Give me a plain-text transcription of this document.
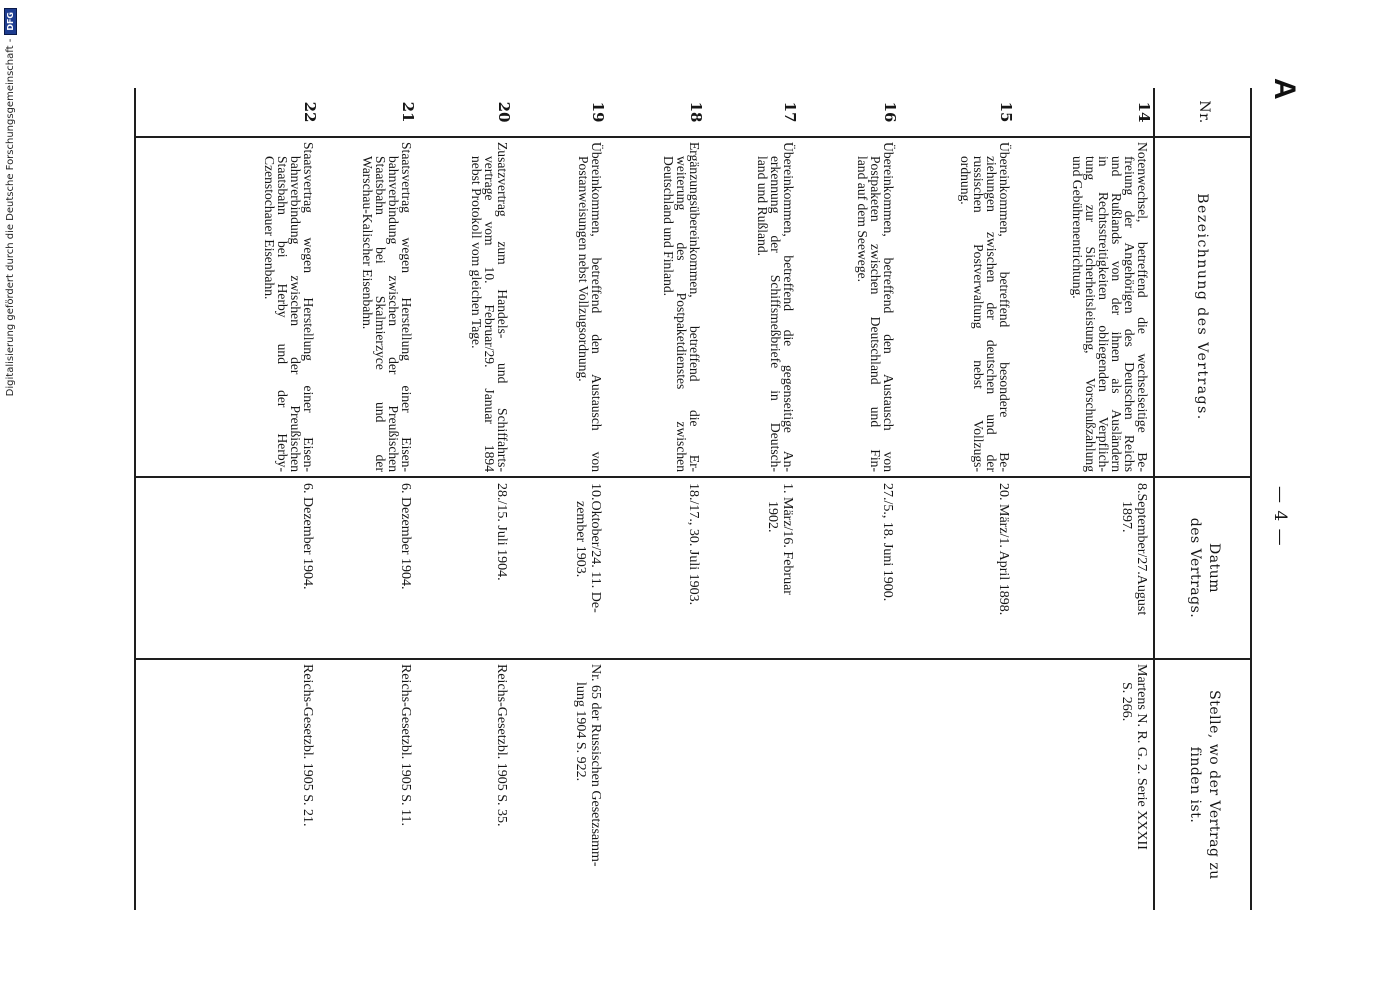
A
— 4 —
Nr.
Bezeichnung des Vertrags.
Datum
des Vertrags.
Stelle, wo der Vertrag zu
finden ist.
14
Notenwechsel, betreffend die wechselseitige Be-
freiung der Angehörigen des Deutschen Reichs
und Rußlands von der ihnen als Ausländern
in Rechtsstreitigkeiten obliegenden Verpflich-
tung zur Sicherheitsleistung, Vorschußzahlung
und Gebührenentrichtung.
8.September/27.August
1897.
Martens N. R. G. 2. Serie XXXII
S. 266.
15
Übereinkommen, betreffend besondere Be-
ziehungen zwischen der deutschen und der
russischen Postverwaltung nebst Vollzugs-
ordnung.
20. März/1. April 1898.
16
Übereinkommen, betreffend den Austausch von
Postpaketen zwischen Deutschland und Fin-
land auf dem Seewege.
27./5., 18. Juni 1900.
17
Übereinkommen, betreffend die gegenseitige An-
erkennung der Schiffsmeßbriefe in Deutsch-
land und Rußland.
1. März/16. Februar
1902.
18
Ergänzungsübereinkommen, betreffend die Er-
weiterung des Postpaketdienstes zwischen
Deutschland und Finland.
18./17., 30. Juli 1903.
19
Übereinkommen, betreffend den Austausch von
Postanweisungen nebst Vollzugsordnung.
10.Oktober/24. 11. De-
zember 1903.
Nr. 65 der Russischen Gesetzsamm-
lung 1904 S. 922.
20
Zusatzvertrag zum Handels- und Schiffahrts-
vertrage vom 10. Februar/29. Januar 1894
nebst Protokoll vom gleichen Tage.
28./15. Juli 1904.
Reichs-Gesetzbl. 1905 S. 35.
21
Staatsvertrag wegen Herstellung einer Eisen-
bahnverbindung zwischen der Preußischen
Staatsbahn bei Skalmierzyce und der
Warschau-Kalischer Eisenbahn.
6. Dezember 1904.
Reichs-Gesetzbl. 1905 S. 11.
22
Staatsvertrag wegen Herstellung einer Eisen-
bahnverbindung zwischen der Preußischen
Staatsbahn bei Herby und der Herby-
Czenstochauer Eisenbahn.
6. Dezember 1904.
Reichs-Gesetzbl. 1905 S. 21.
Digitalisierung gefördert durch die Deutsche Forschungsgemeinschaft -
DFG
